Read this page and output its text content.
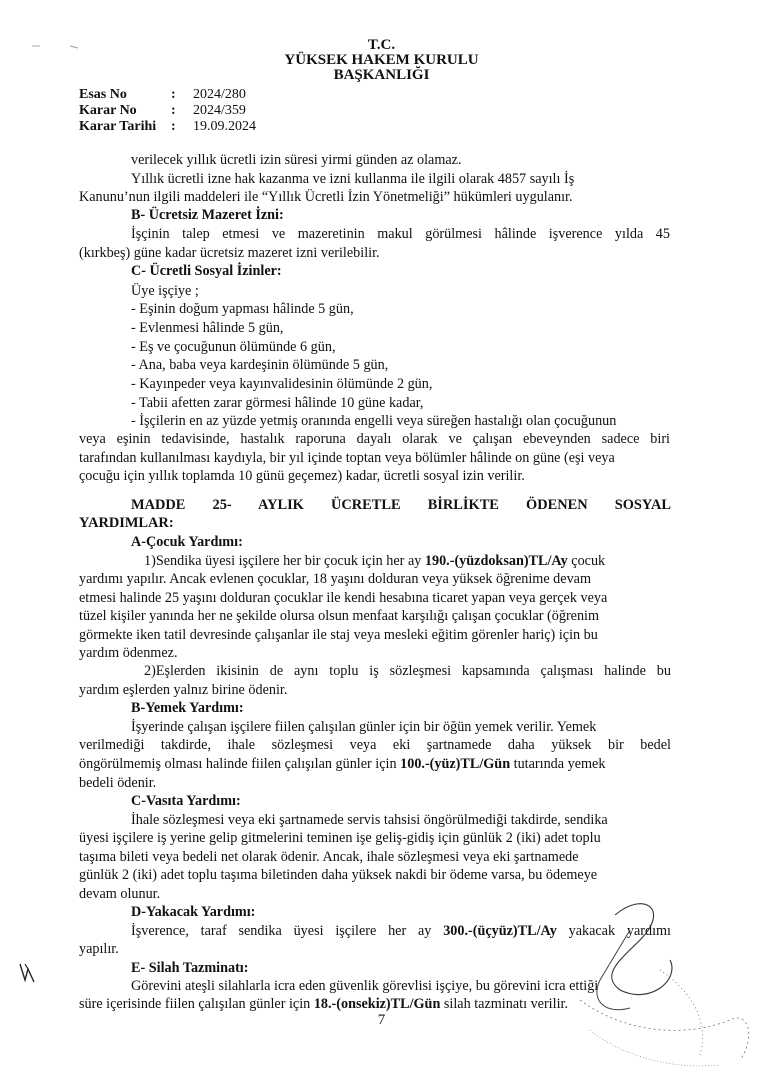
T.C.
YÜKSEK HAKEM KURULU
BAŞKANLIĞI
Esas No	: 2024/280
Karar No : 2024/359
Karar Tarihi : 19.09.2024
verilecek yıllık ücretli izin süresi yirmi günden az olamaz.
Yıllık ücretli izne hak kazanma ve izni kullanma ile ilgili olarak 4857 sayılı İş
Kanunu’nun ilgili maddeleri ile “Yıllık Ücretli İzin Yönetmeliği” hükümleri uygulanır.
B- Ücretsiz Mazeret İzni:
İşçinin talep etmesi ve mazeretinin makul görülmesi hâlinde işverence yılda 45
(kırkbeş) güne kadar ücretsiz mazeret izni verilebilir.
C- Ücretli Sosyal İzinler:
Üye işçiye ;
- Eşinin doğum yapması hâlinde 5 gün,
- Evlenmesi hâlinde 5 gün,
- Eş ve çocuğunun ölümünde 6 gün,
- Ana, baba veya kardeşinin ölümünde 5 gün,
- Kayınpeder veya kayınvalidesinin ölümünde 2 gün,
- Tabii afetten zarar görmesi hâlinde 10 güne kadar,
- İşçilerin en az yüzde yetmiş oranında engelli veya süreğen hastalığı olan çocuğunun
veya eşinin tedavisinde, hastalık raporuna dayalı olarak ve çalışan ebeveynden sadece biri
tarafından kullanılması kaydıyla, bir yıl içinde toptan veya bölümler hâlinde on güne (eşi veya
çocuğu için yıllık toplamda 10 günü geçemez) kadar, ücretli sosyal izin verilir.
MADDE 25- AYLIK ÜCRETLE BİRLİKTE ÖDENEN SOSYAL
YARDIMLAR:
A-Çocuk Yardımı:
1)Sendika üyesi işçilere her bir çocuk için her ay 190.-(yüzdoksan)TL/Ay çocuk
yardımı yapılır. Ancak evlenen çocuklar, 18 yaşını dolduran veya yüksek öğrenime devam
etmesi halinde 25 yaşını dolduran çocuklar ile kendi hesabına ticaret yapan veya gerçek veya
tüzel kişiler yanında her ne şekilde olursa olsun menfaat karşılığı çalışan çocuklar (öğrenim
görmekte iken tatil devresinde çalışanlar ile staj veya mesleki eğitim görenler hariç) için bu
yardım ödenmez.
2)Eşlerden ikisinin de aynı toplu iş sözleşmesi kapsamında çalışması halinde bu
yardım eşlerden yalnız birine ödenir.
B-Yemek Yardımı:
İşyerinde çalışan işçilere fiilen çalışılan günler için bir öğün yemek verilir. Yemek
verilmediği takdirde, ihale sözleşmesi veya eki şartnamede daha yüksek bir bedel
öngörülmemiş olması halinde fiilen çalışılan günler için 100.-(yüz)TL/Gün tutarında yemek
bedeli ödenir.
C-Vasıta Yardımı:
İhale sözleşmesi veya eki şartnamede servis tahsisi öngörülmediği takdirde, sendika
üyesi işçilere iş yerine gelip gitmelerini teminen işe geliş-gidiş için günlük 2 (iki) adet toplu
taşıma bileti veya bedeli net olarak ödenir. Ancak, ihale sözleşmesi veya eki şartnamede
günlük 2 (iki) adet toplu taşıma biletinden daha yüksek nakdi bir ödeme varsa, bu ödemeye
devam olunur.
D-Yakacak Yardımı:
İşverence, taraf sendika üyesi işçilere her ay 300.-(üçyüz)TL/Ay yakacak yardımı
yapılır.
E- Silah Tazminatı:
Görevini ateşli silahlarla icra eden güvenlik görevlisi işçiye, bu görevini icra ettiği
süre içerisinde fiilen çalışılan günler için 18.-(onsekiz)TL/Gün silah tazminatı verilir.
7
